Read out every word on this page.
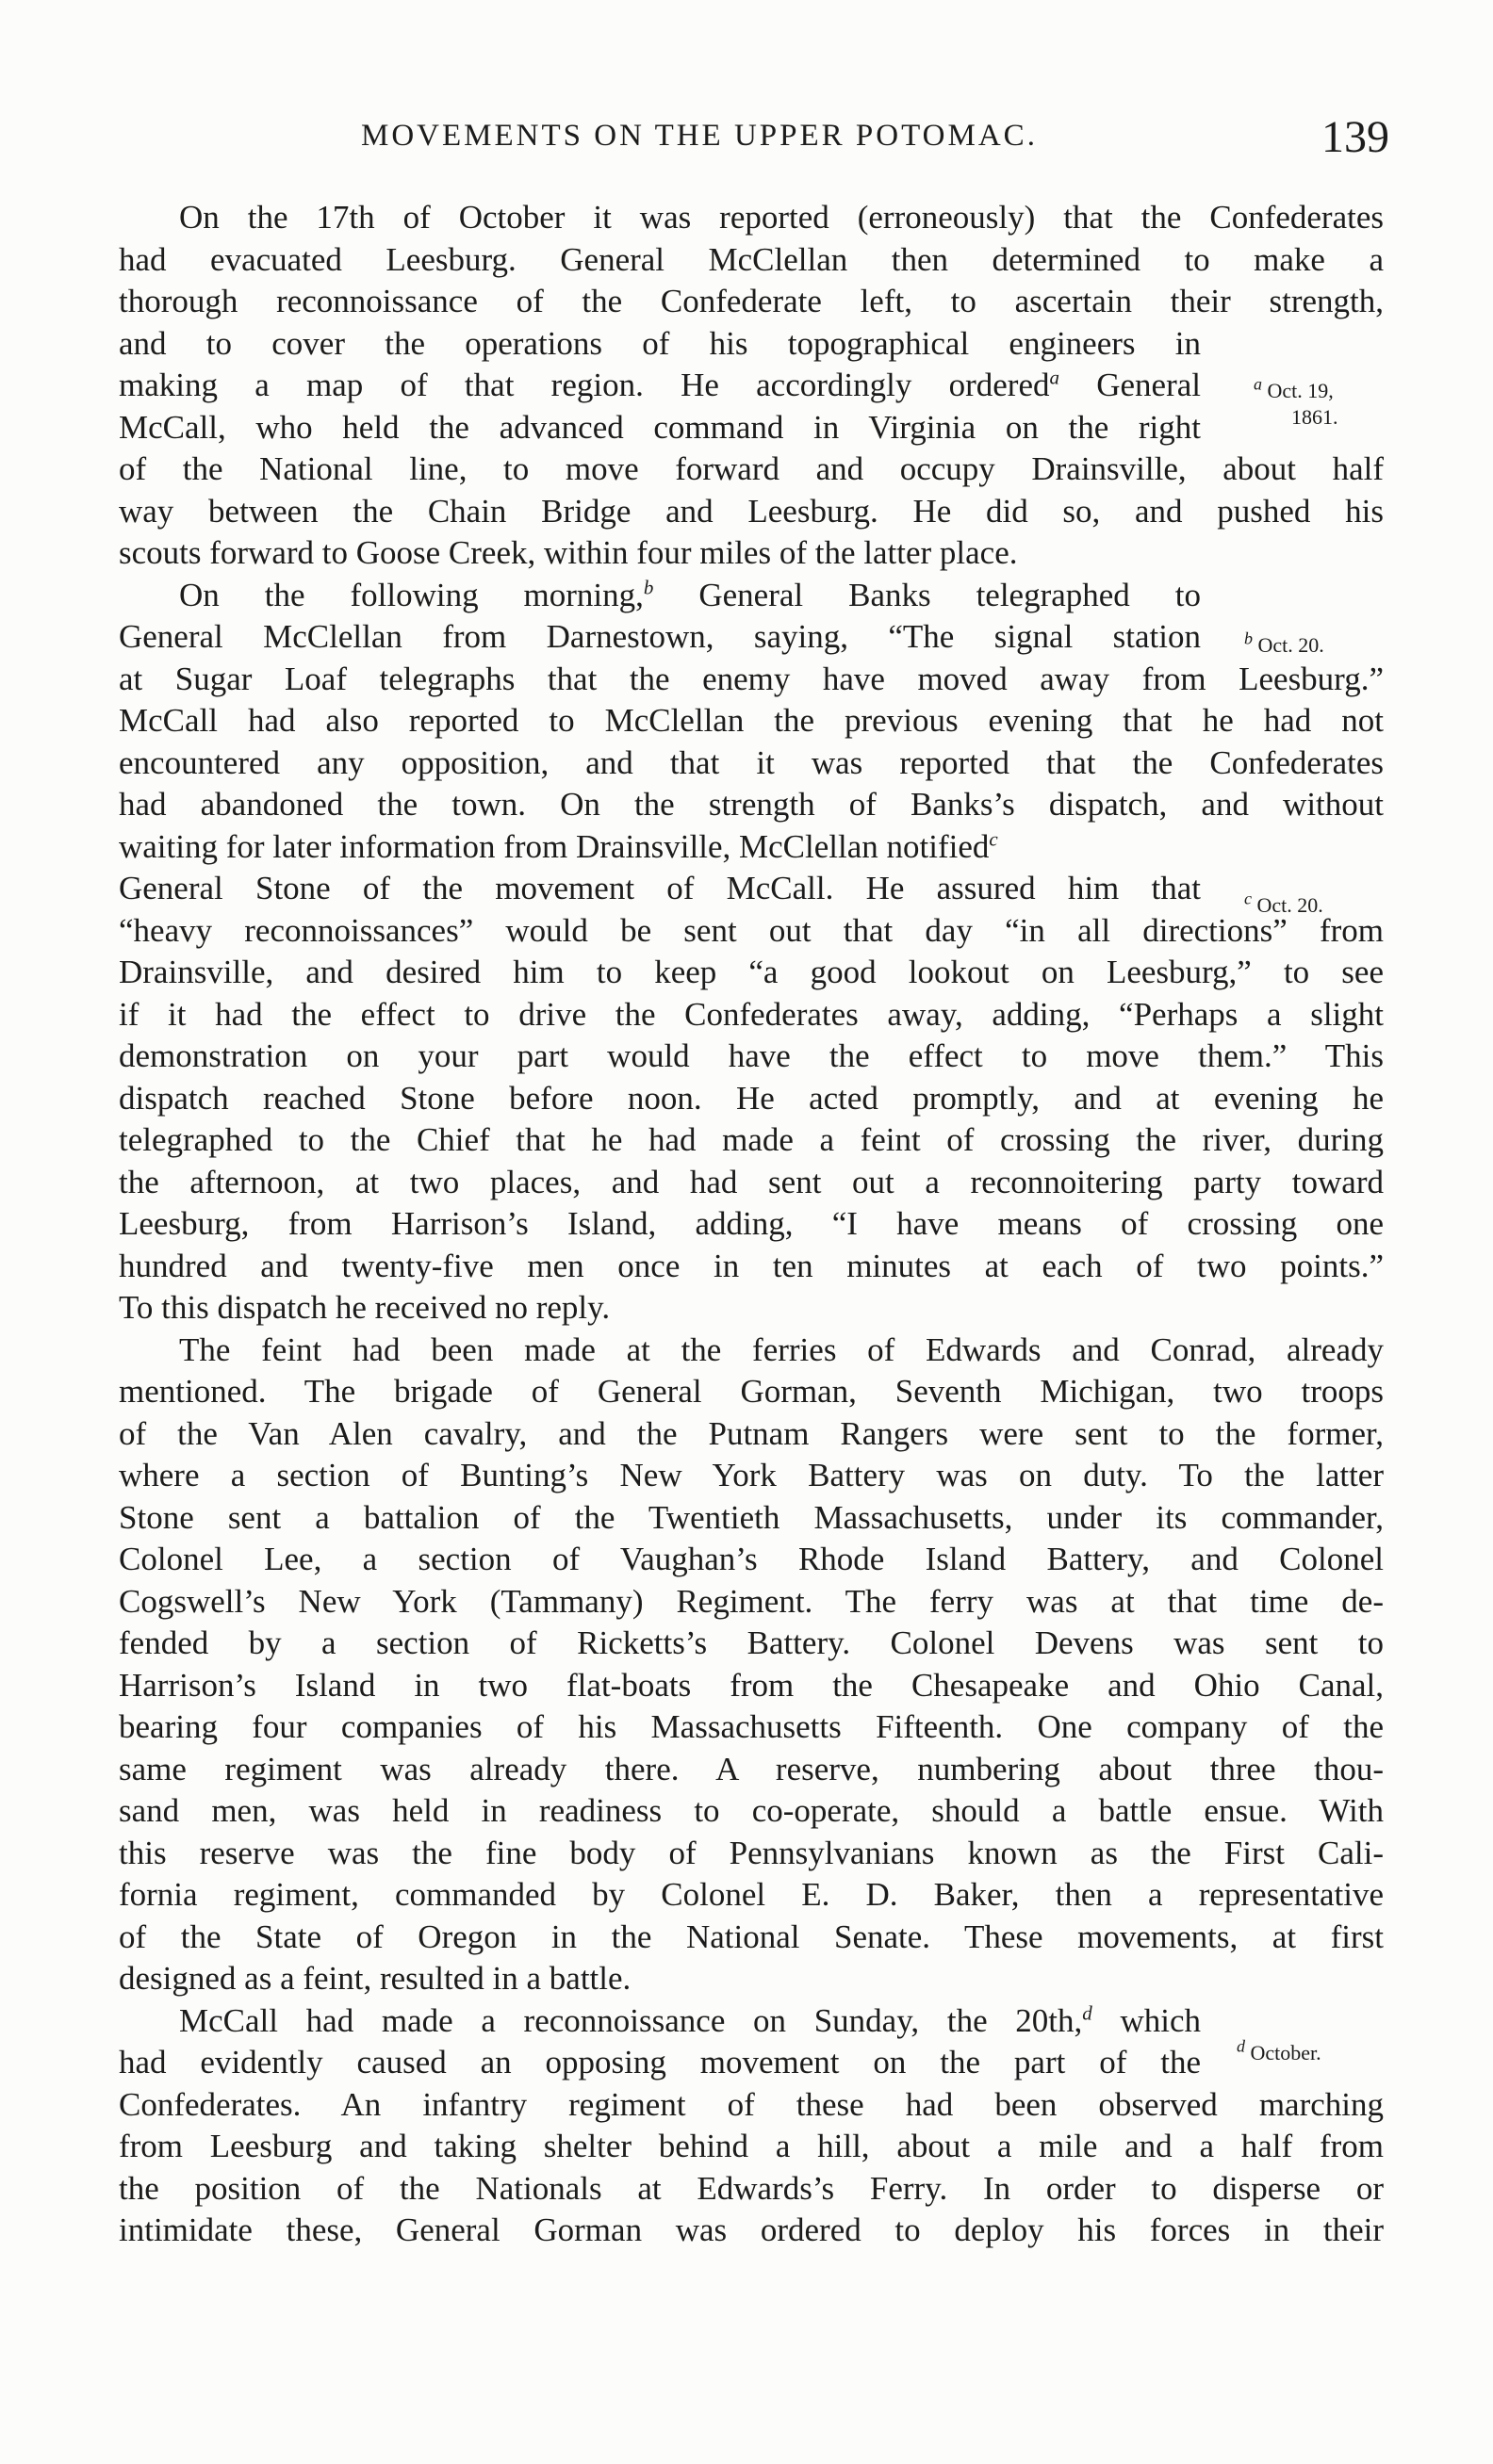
MOVEMENTS ON THE UPPER POTOMAC.	139
On the 17th of October it was reported (erroneously) that the Confederates
had evacuated Leesburg. General McClellan then determined to make a
thorough reconnoissance of the Confederate left, to ascertain their strength,
and to cover the operations of his topographical engineers in
making a map of that region. He accordingly ordered$^a$ General
McCall, who held the advanced command in Virginia on the right
of the National line, to move forward and occupy Drainsville, about half
way between the Chain Bridge and Leesburg. He did so, and pushed his
scouts forward to Goose Creek, within four miles of the latter place.
On the following morning,$^b$ General Banks telegraphed to
General McClellan from Darnestown, saying, “The signal station
at Sugar Loaf telegraphs that the enemy have moved away from Leesburg.”
McCall had also reported to McClellan the previous evening that he had not
encountered any opposition, and that it was reported that the Confederates
had abandoned the town. On the strength of Banks’s dispatch, and without
waiting for later information from Drainsville, McClellan notified$^c$
General Stone of the movement of McCall. He assured him that
“heavy reconnoissances” would be sent out that day “in all directions” from
Drainsville, and desired him to keep “a good lookout on Leesburg,” to see
if it had the effect to drive the Confederates away, adding, “Perhaps a slight
demonstration on your part would have the effect to move them.” This
dispatch reached Stone before noon. He acted promptly, and at evening he
telegraphed to the Chief that he had made a feint of crossing the river, during
the afternoon, at two places, and had sent out a reconnoitering party toward
Leesburg, from Harrison’s Island, adding, “I have means of crossing one
hundred and twenty-five men once in ten minutes at each of two points.”
To this dispatch he received no reply.
The feint had been made at the ferries of Edwards and Conrad, already
mentioned. The brigade of General Gorman, Seventh Michigan, two troops
of the Van Alen cavalry, and the Putnam Rangers were sent to the former,
where a section of Bunting’s New York Battery was on duty. To the latter
Stone sent a battalion of the Twentieth Massachusetts, under its commander,
Colonel Lee, a section of Vaughan’s Rhode Island Battery, and Colonel
Cogswell’s New York (Tammany) Regiment. The ferry was at that time de-
fended by a section of Ricketts’s Battery. Colonel Devens was sent to
Harrison’s Island in two flat-boats from the Chesapeake and Ohio Canal,
bearing four companies of his Massachusetts Fifteenth. One company of the
same regiment was already there. A reserve, numbering about three thou-
sand men, was held in readiness to co-operate, should a battle ensue. With
this reserve was the fine body of Pennsylvanians known as the First Cali-
fornia regiment, commanded by Colonel E. D. Baker, then a representative
of the State of Oregon in the National Senate. These movements, at first
designed as a feint, resulted in a battle.
McCall had made a reconnoissance on Sunday, the 20th,$^d$ which
had evidently caused an opposing movement on the part of the
Confederates. An infantry regiment of these had been observed marching
from Leesburg and taking shelter behind a hill, about a mile and a half from
the position of the Nationals at Edwards’s Ferry. In order to disperse or
intimidate these, General Gorman was ordered to deploy his forces in their
$^a$ Oct. 19,
1861.
$^b$ Oct. 20.
$^c$ Oct. 20.
$^d$ October.
